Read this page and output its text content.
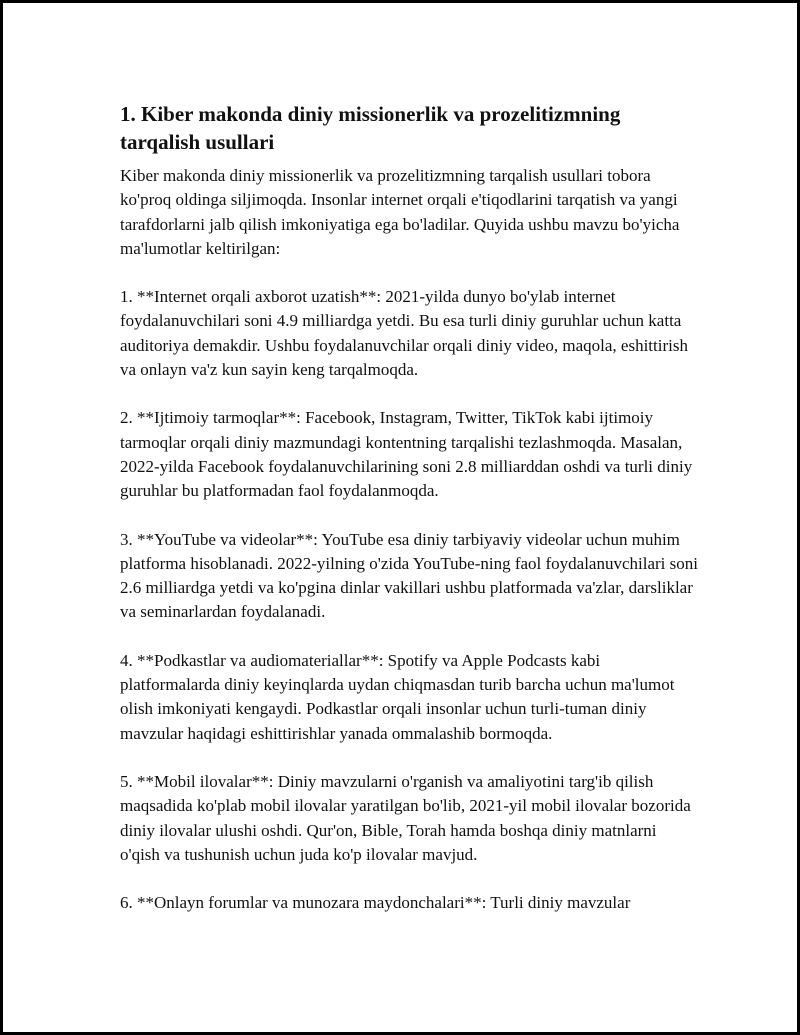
1. Kiber makonda diniy missionerlik va prozelitizmning tarqalish usullari

Kiber makonda diniy missionerlik va prozelitizmning tarqalish usullari tobora ko'proq oldinga siljimoqda. Insonlar internet orqali e'tiqodlarini tarqatish va yangi tarafdorlarni jalb qilish imkoniyatiga ega bo'ladilar. Quyida ushbu mavzu bo'yicha ma'lumotlar keltirilgan:

1. **Internet orqali axborot uzatish**: 2021-yilda dunyo bo'ylab internet foydalanuvchilari soni 4.9 milliardga yetdi. Bu esa turli diniy guruhlar uchun katta auditoriya demakdir. Ushbu foydalanuvchilar orqali diniy video, maqola, eshittirish va onlayn va'z kun sayin keng tarqalmoqda.

2. **Ijtimoiy tarmoqlar**: Facebook, Instagram, Twitter, TikTok kabi ijtimoiy tarmoqlar orqali diniy mazmundagi kontentning tarqalishi tezlashmoqda. Masalan, 2022-yilda Facebook foydalanuvchilarining soni 2.8 milliarddan oshdi va turli diniy guruhlar bu platformadan faol foydalanmoqda.

3. **YouTube va videolar**: YouTube esa diniy tarbiyaviy videolar uchun muhim platforma hisoblanadi. 2022-yilning o'zida YouTube-ning faol foydalanuvchilari soni 2.6 milliardga yetdi va ko'pgina dinlar vakillari ushbu platformada va'zlar, darsliklar va seminarlardan foydalanadi.

4. **Podkastlar va audiomateriallar**: Spotify va Apple Podcasts kabi platformalarda diniy keyinqlarda uydan chiqmasdan turib barcha uchun ma'lumot olish imkoniyati kengaydi. Podkastlar orqali insonlar uchun turli-tuman diniy mavzular haqidagi eshittirishlar yanada ommalashib bormoqda.

5. **Mobil ilovalar**: Diniy mavzularni o'rganish va amaliyotini targ'ib qilish maqsadida ko'plab mobil ilovalar yaratilgan bo'lib, 2021-yil mobil ilovalar bozorida diniy ilovalar ulushi oshdi. Qur'on, Bible, Torah hamda boshqa diniy matnlarni o'qish va tushunish uchun juda ko'p ilovalar mavjud.

6. **Onlayn forumlar va munozara maydonchalari**: Turli diniy mavzular
